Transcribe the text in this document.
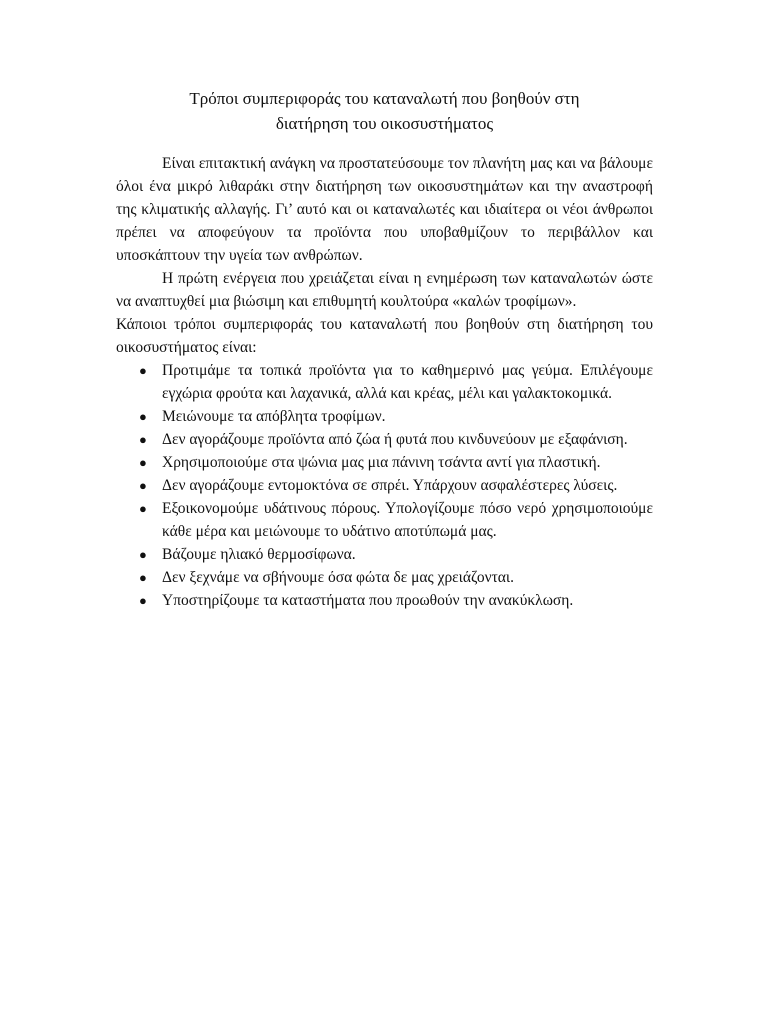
Τρόποι συμπεριφοράς του καταναλωτή που βοηθούν στη
διατήρηση του οικοσυστήματος

Είναι επιτακτική ανάγκη να προστατεύσουμε τον πλανήτη μας και να βάλουμε όλοι ένα μικρό λιθαράκι στην διατήρηση των οικοσυστημάτων και την αναστροφή της κλιματικής αλλαγής. Γι’ αυτό και οι καταναλωτές και ιδιαίτερα οι νέοι άνθρωποι πρέπει να αποφεύγουν τα προϊόντα που υποβαθμίζουν το περιβάλλον και υποσκάπτουν την υγεία των ανθρώπων.

Η πρώτη ενέργεια που χρειάζεται είναι η ενημέρωση των καταναλωτών ώστε να αναπτυχθεί μια βιώσιμη και επιθυμητή κουλτούρα «καλών τροφίμων».

Κάποιοι τρόποι συμπεριφοράς του καταναλωτή που βοηθούν στη διατήρηση του οικοσυστήματος είναι:

● Προτιμάμε τα τοπικά προϊόντα για το καθημερινό μας γεύμα. Επιλέγουμε εγχώρια φρούτα και λαχανικά, αλλά και κρέας, μέλι και γαλακτοκομικά.
● Μειώνουμε τα απόβλητα τροφίμων.
● Δεν αγοράζουμε προϊόντα από ζώα ή φυτά που κινδυνεύουν με εξαφάνιση.
● Χρησιμοποιούμε στα ψώνια μας μια πάνινη τσάντα αντί για πλαστική.
● Δεν αγοράζουμε εντομοκτόνα σε σπρέι. Υπάρχουν ασφαλέστερες λύσεις.
● Εξοικονομούμε υδάτινους πόρους. Υπολογίζουμε πόσο νερό χρησιμοποιούμε κάθε μέρα και μειώνουμε το υδάτινο αποτύπωμά μας.
● Βάζουμε ηλιακό θερμοσίφωνα.
● Δεν ξεχνάμε να σβήνουμε όσα φώτα δε μας χρειάζονται.
● Υποστηρίζουμε τα καταστήματα που προωθούν την ανακύκλωση.
